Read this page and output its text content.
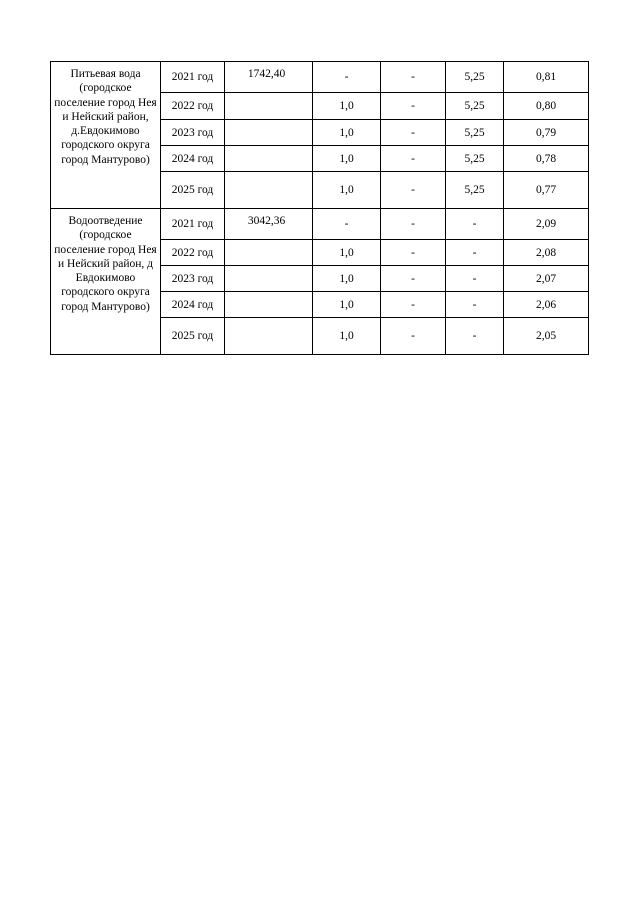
Питьевая вода (городское поселение город Нея и Нейский район, д.Евдокимово городского округа город Мантурово)	2021 год	1742,40	-	-	5,25	0,81
	2022 год		1,0	-	5,25	0,80
	2023 год		1,0	-	5,25	0,79
	2024 год		1,0	-	5,25	0,78
	2025 год		1,0	-	5,25	0,77
Водоотведение (городское поселение город Нея и Нейский район, д Евдокимово городского округа город Мантурово)	2021 год	3042,36	-	-	-	2,09
	2022 год		1,0	-	-	2,08
	2023 год		1,0	-	-	2,07
	2024 год		1,0	-	-	2,06
	2025 год		1,0	-	-	2,05
